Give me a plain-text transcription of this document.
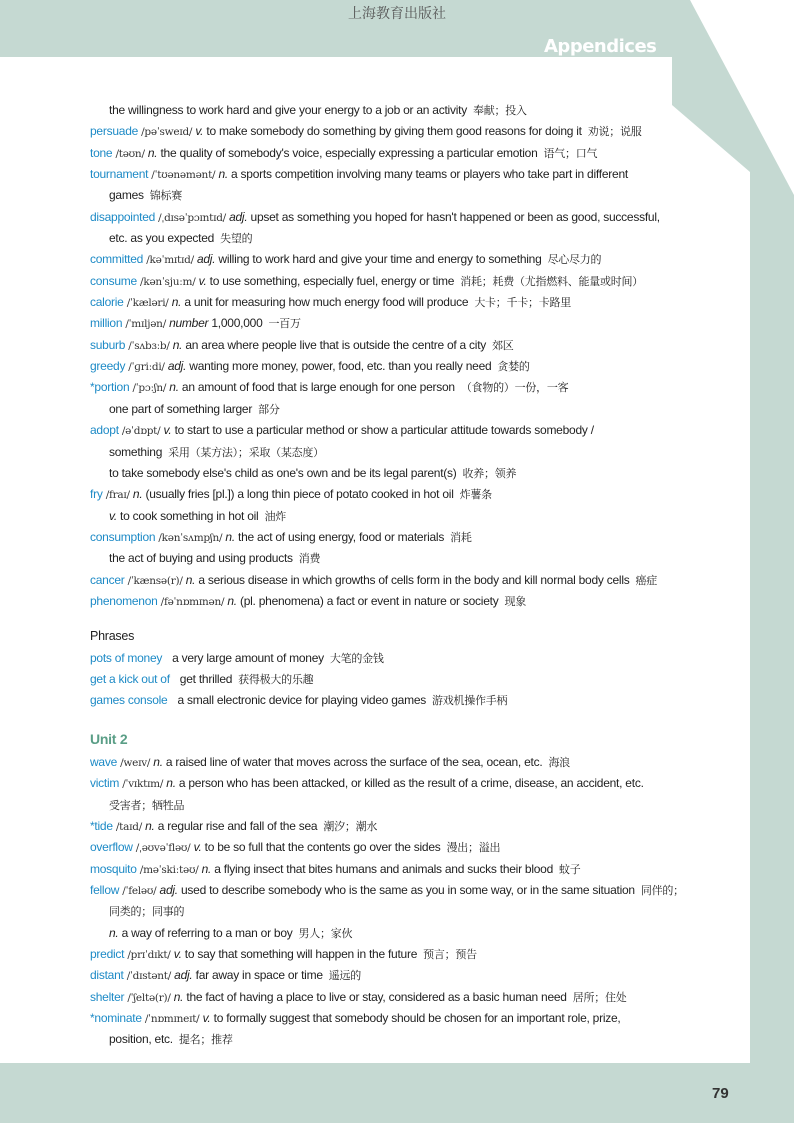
上海教育出版社
Appendices
79
the willingness to work hard and give your energy to a job or an activity 奉献；投入
persuade /pəˈsweɪd/ v. to make somebody do something by giving them good reasons for doing it 劝说；说服
tone /təʊn/ n. the quality of somebody's voice, especially expressing a particular emotion 语气；口气
tournament /ˈtʊənəmənt/ n. a sports competition involving many teams or players who take part in different
games 锦标赛
disappointed /ˌdɪsəˈpɔɪntɪd/ adj. upset as something you hoped for hasn't happened or been as good, successful,
etc. as you expected 失望的
committed /kəˈmɪtɪd/ adj. willing to work hard and give your time and energy to something 尽心尽力的
consume /kənˈsjuːm/ v. to use something, especially fuel, energy or time 消耗；耗费（尤指燃料、能量或时间）
calorie /ˈkæləri/ n. a unit for measuring how much energy food will produce 大卡；千卡；卡路里
million /ˈmɪljən/ number 1,000,000 一百万
suburb /ˈsʌbɜːb/ n. an area where people live that is outside the centre of a city 郊区
greedy /ˈɡriːdi/ adj. wanting more money, power, food, etc. than you really need 贪婪的
*portion /ˈpɔːʃn/ n. an amount of food that is large enough for one person （食物的）一份，一客
one part of something larger 部分
adopt /əˈdɒpt/ v. to start to use a particular method or show a particular attitude towards somebody /
something 采用（某方法）；采取（某态度）
to take somebody else's child as one's own and be its legal parent(s) 收养；领养
fry /fraɪ/ n. (usually fries [pl.]) a long thin piece of potato cooked in hot oil 炸薯条
v. to cook something in hot oil 油炸
consumption /kənˈsʌmpʃn/ n. the act of using energy, food or materials 消耗
the act of buying and using products 消费
cancer /ˈkænsə(r)/ n. a serious disease in which growths of cells form in the body and kill normal body cells 癌症
phenomenon /fəˈnɒmɪnən/ n. (pl. phenomena) a fact or event in nature or society 现象
Phrases
pots of money a very large amount of money 大笔的金钱
get a kick out of get thrilled 获得极大的乐趣
games console a small electronic device for playing video games 游戏机操作手柄
Unit 2
wave /weɪv/ n. a raised line of water that moves across the surface of the sea, ocean, etc. 海浪
victim /ˈvɪktɪm/ n. a person who has been attacked, or killed as the result of a crime, disease, an accident, etc.
受害者；牺牲品
*tide /taɪd/ n. a regular rise and fall of the sea 潮汐；潮水
overflow /ˌəʊvəˈfləʊ/ v. to be so full that the contents go over the sides 漫出；溢出
mosquito /məˈskiːtəʊ/ n. a flying insect that bites humans and animals and sucks their blood 蚊子
fellow /ˈfeləʊ/ adj. used to describe somebody who is the same as you in some way, or in the same situation 同伴的；
同类的；同事的
n. a way of referring to a man or boy 男人；家伙
predict /prɪˈdɪkt/ v. to say that something will happen in the future 预言；预告
distant /ˈdɪstənt/ adj. far away in space or time 遥远的
shelter /ˈʃeltə(r)/ n. the fact of having a place to live or stay, considered as a basic human need 居所；住处
*nominate /ˈnɒmɪneɪt/ v. to formally suggest that somebody should be chosen for an important role, prize,
position, etc. 提名；推荐
